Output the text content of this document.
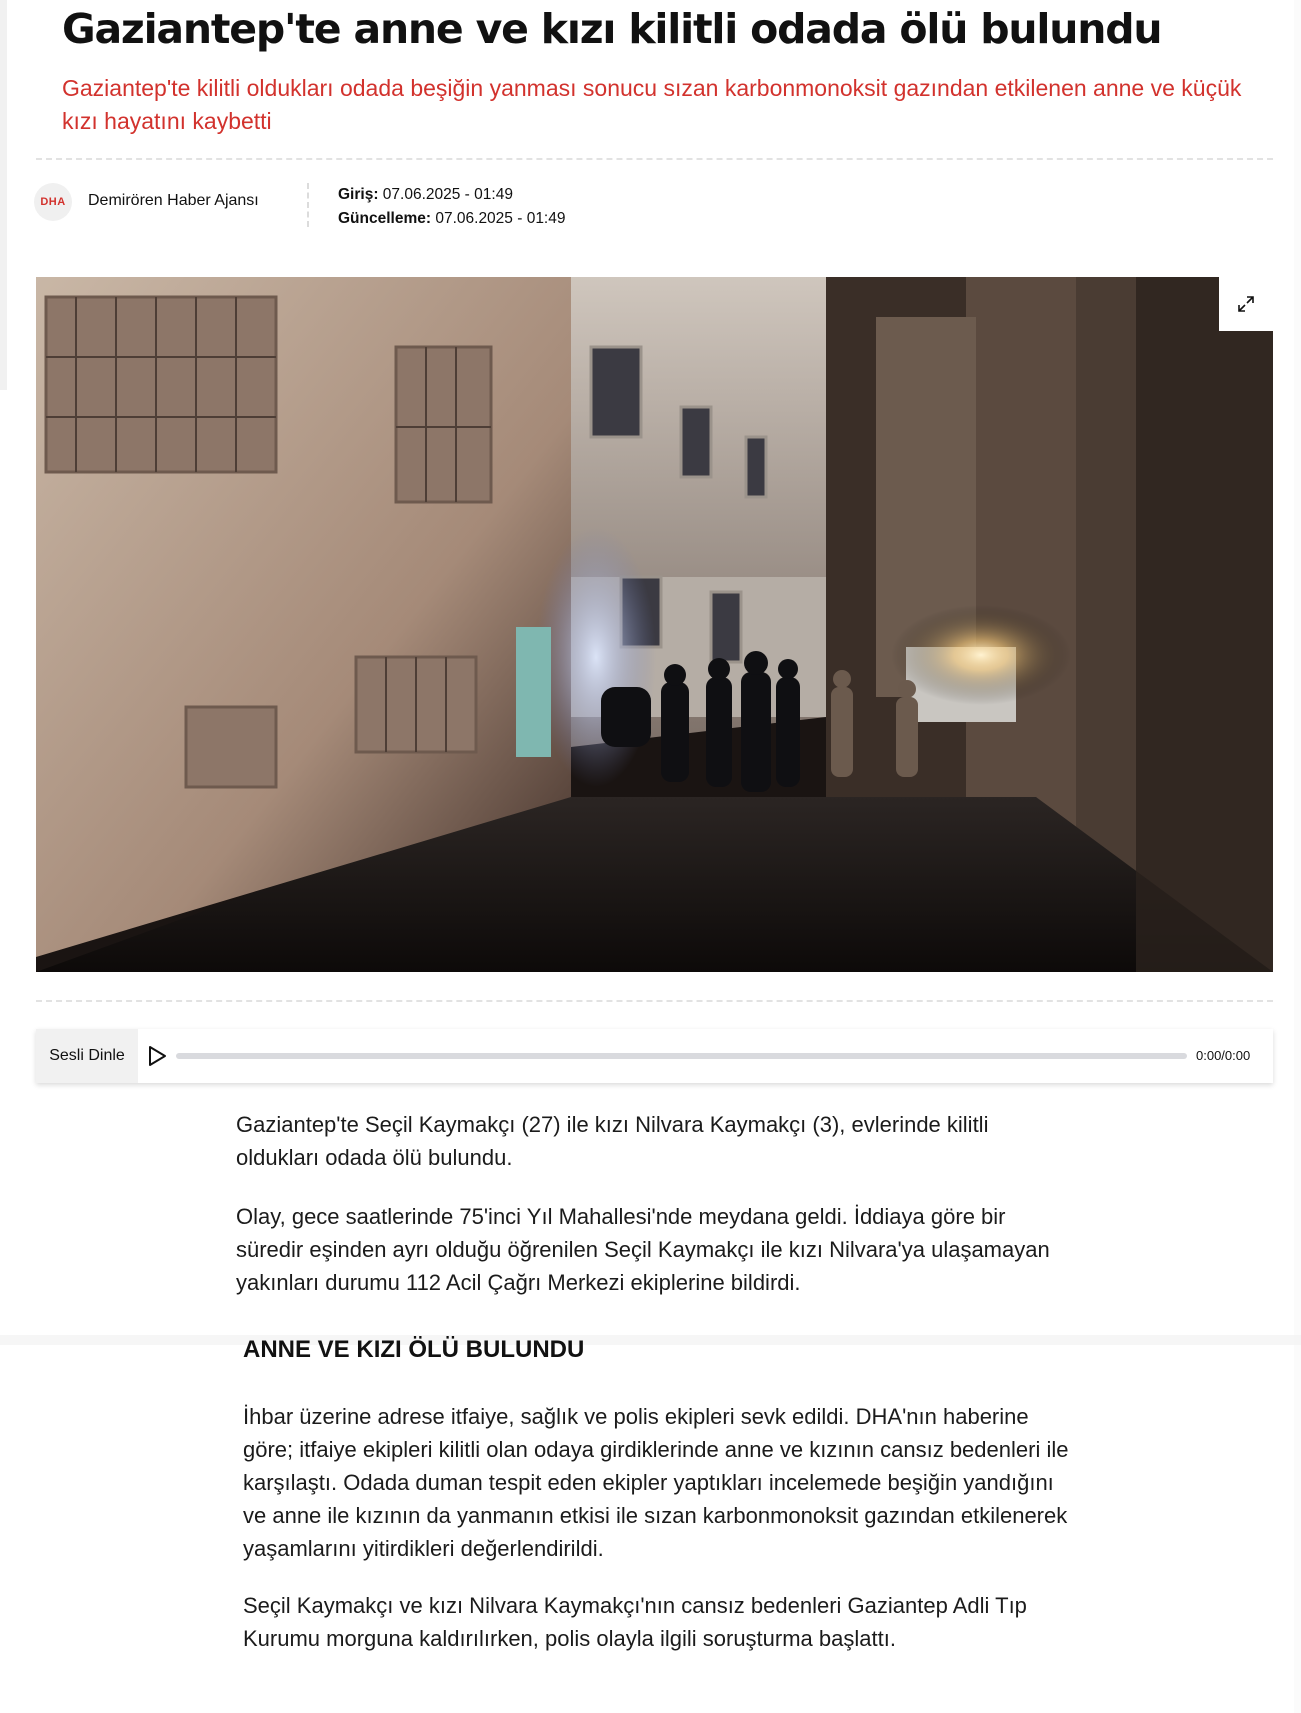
Gaziantep'te anne ve kızı kilitli odada ölü bulundu
Gaziantep'te kilitli oldukları odada beşiğin yanması sonucu sızan karbonmonoksit gazından etkilenen anne ve küçük kızı hayatını kaybetti
DHA	Demirören Haber Ajansı	Giriş: 07.06.2025 - 01:49
Güncelleme: 07.06.2025 - 01:49
Sesli Dinle	0:00/0:00

Gaziantep'te Seçil Kaymakçı (27) ile kızı Nilvara Kaymakçı (3), evlerinde kilitli oldukları odada ölü bulundu.

Olay, gece saatlerinde 75'inci Yıl Mahallesi'nde meydana geldi. İddiaya göre bir süredir eşinden ayrı olduğu öğrenilen Seçil Kaymakçı ile kızı Nilvara'ya ulaşamayan yakınları durumu 112 Acil Çağrı Merkezi ekiplerine bildirdi.

ANNE VE KIZI ÖLÜ BULUNDU

İhbar üzerine adrese itfaiye, sağlık ve polis ekipleri sevk edildi. DHA'nın haberine göre; itfaiye ekipleri kilitli olan odaya girdiklerinde anne ve kızının cansız bedenleri ile karşılaştı. Odada duman tespit eden ekipler yaptıkları incelemede beşiğin yandığını ve anne ile kızının da yanmanın etkisi ile sızan karbonmonoksit gazından etkilenerek yaşamlarını yitirdikleri değerlendirildi.

Seçil Kaymakçı ve kızı Nilvara Kaymakçı'nın cansız bedenleri Gaziantep Adli Tıp Kurumu morguna kaldırılırken, polis olayla ilgili soruşturma başlattı.
